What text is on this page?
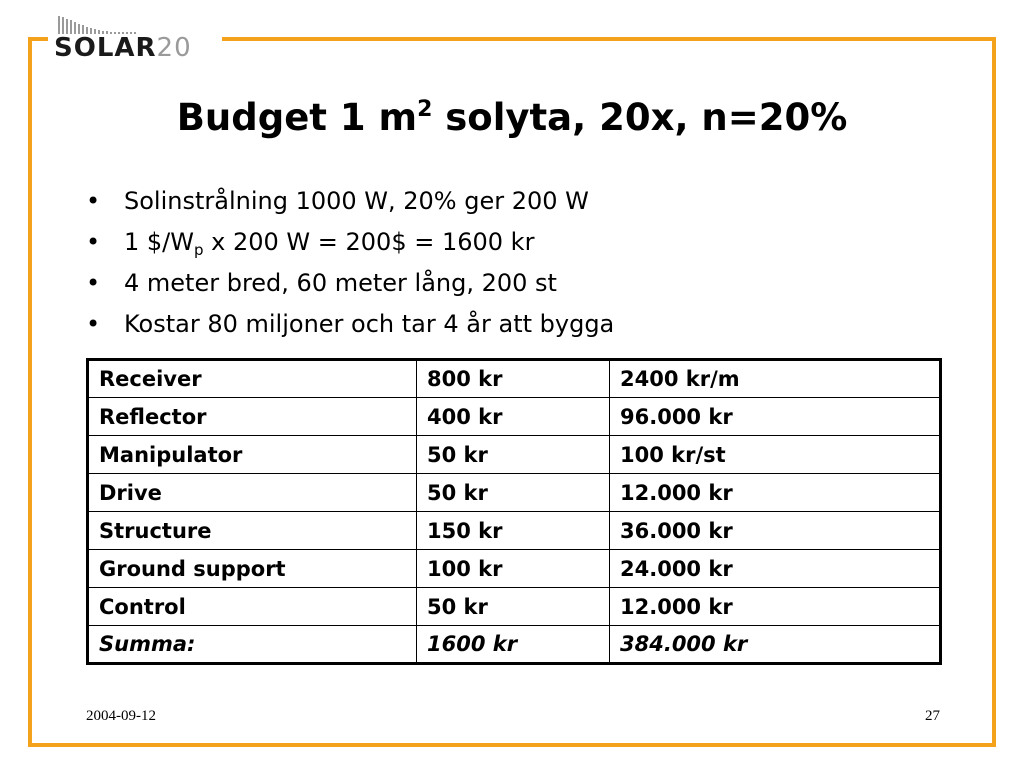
SOLAR20
Budget 1 $m^2$ solyta, 20x, n=20%
• Solinstrålning 1000 W, 20% ger 200 W
• 1 $\$/W_p$ x 200 W = 200$ = 1600 kr
• 4 meter bred, 60 meter lång, 200 st
• Kostar 80 miljoner och tar 4 år att bygga
Receiver	800 kr	2400 kr/m
Reflector	400 kr	96.000 kr
Manipulator	50 kr	100 kr/st
Drive	50 kr	12.000 kr
Structure	150 kr	36.000 kr
Ground support	100 kr	24.000 kr
Control	50 kr	12.000 kr
Summa:	1600 kr	384.000 kr
2004-09-12	27
